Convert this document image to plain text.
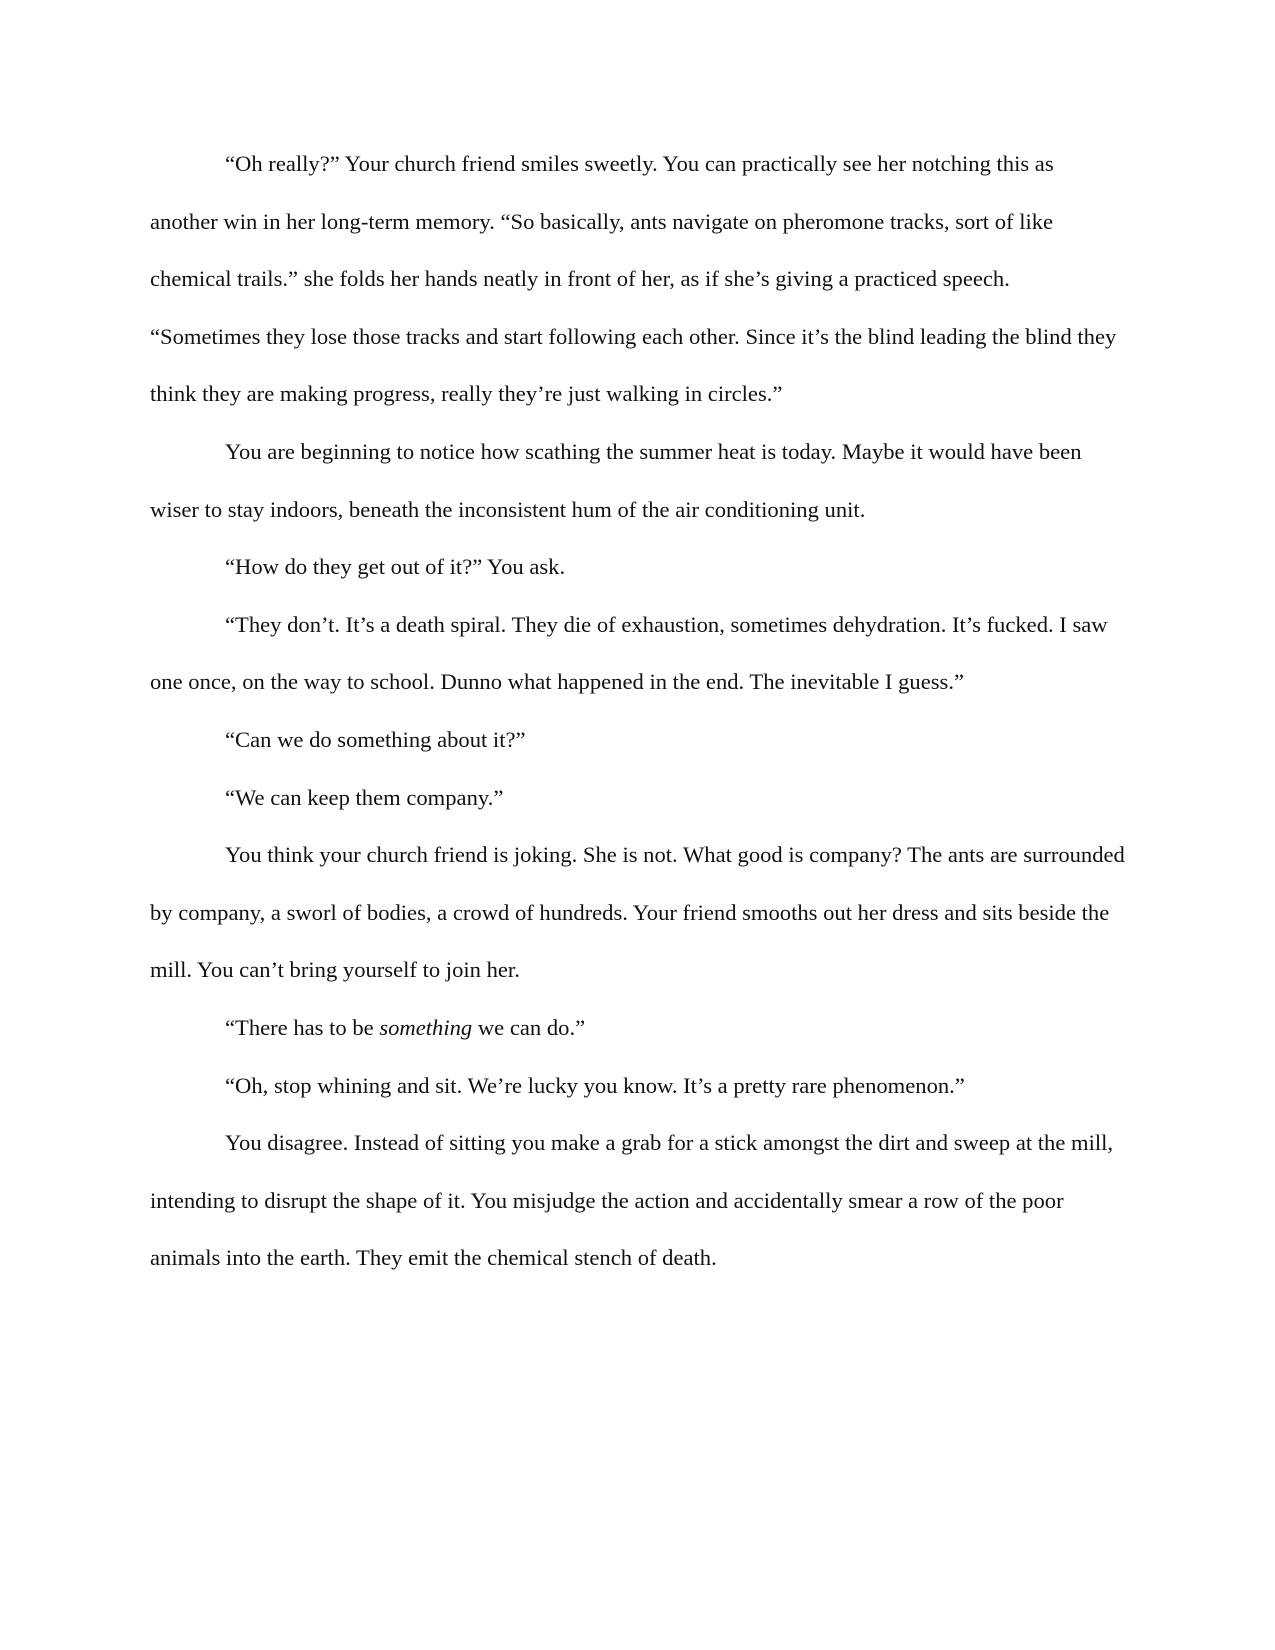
“Oh really?” Your church friend smiles sweetly. You can practically see her notching this as another win in her long-term memory. “So basically, ants navigate on pheromone tracks, sort of like chemical trails.” she folds her hands neatly in front of her, as if she’s giving a practiced speech. “Sometimes they lose those tracks and start following each other. Since it’s the blind leading the blind they think they are making progress, really they’re just walking in circles.”

You are beginning to notice how scathing the summer heat is today. Maybe it would have been wiser to stay indoors, beneath the inconsistent hum of the air conditioning unit.

“How do they get out of it?” You ask.

“They don’t. It’s a death spiral. They die of exhaustion, sometimes dehydration. It’s fucked. I saw one once, on the way to school. Dunno what happened in the end. The inevitable I guess.”

“Can we do something about it?”

“We can keep them company.”

You think your church friend is joking. She is not. What good is company? The ants are surrounded by company, a sworl of bodies, a crowd of hundreds. Your friend smooths out her dress and sits beside the mill. You can’t bring yourself to join her.

“There has to be something we can do.”

“Oh, stop whining and sit. We’re lucky you know. It’s a pretty rare phenomenon.”

You disagree. Instead of sitting you make a grab for a stick amongst the dirt and sweep at the mill, intending to disrupt the shape of it. You misjudge the action and accidentally smear a row of the poor animals into the earth. They emit the chemical stench of death.
